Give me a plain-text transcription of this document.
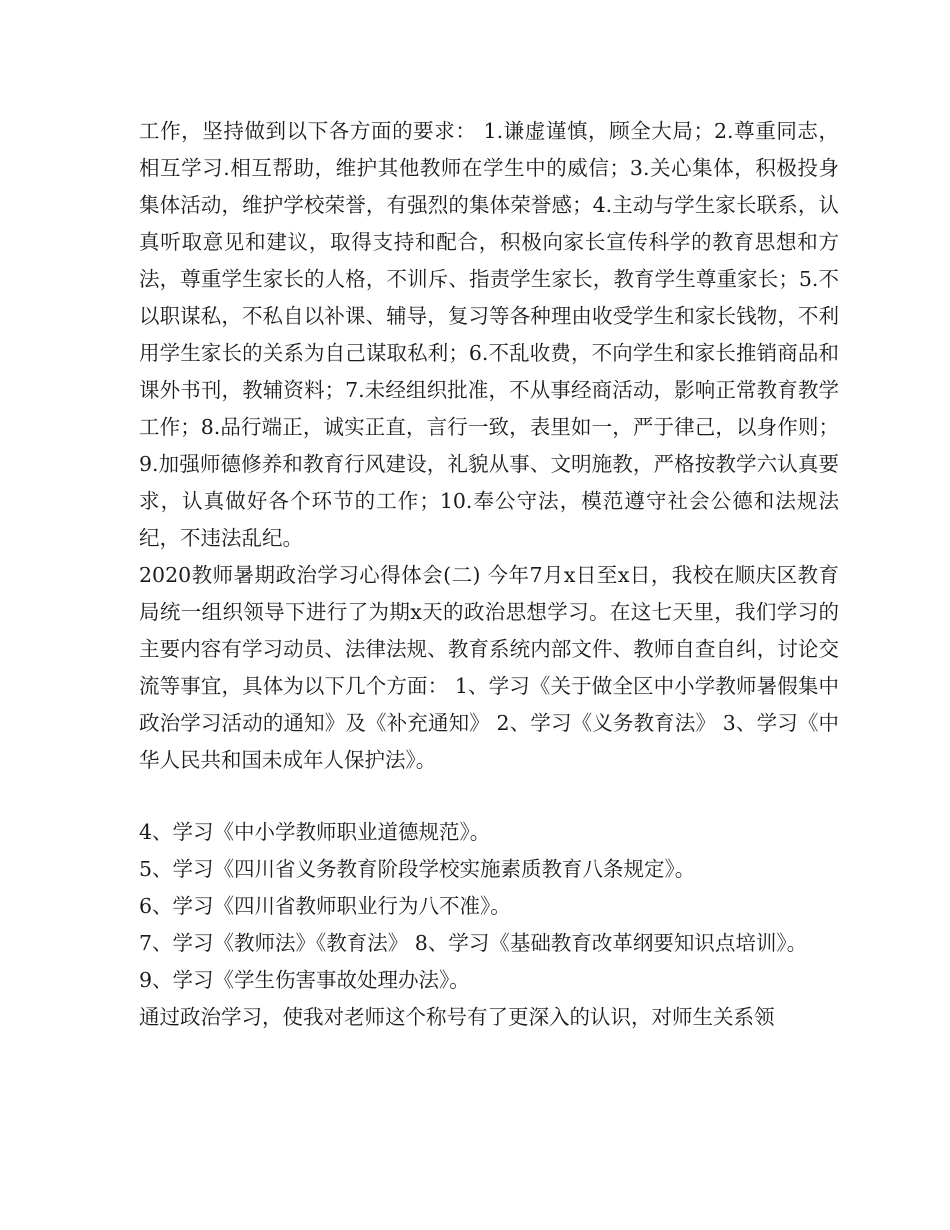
工作，坚持做到以下各方面的要求： 1.谦虚谨慎，顾全大局；2.尊重同志，相互学习.相互帮助，维护其他教师在学生中的威信；3.关心集体，积极投身集体活动，维护学校荣誉，有强烈的集体荣誉感；4.主动与学生家长联系，认真听取意见和建议，取得支持和配合，积极向家长宣传科学的教育思想和方法，尊重学生家长的人格，不训斥、指责学生家长，教育学生尊重家长；5.不以职谋私，不私自以补课、辅导，复习等各种理由收受学生和家长钱物，不利用学生家长的关系为自己谋取私利；6.不乱收费，不向学生和家长推销商品和课外书刊，教辅资料；7.未经组织批准，不从事经商活动，影响正常教育教学工作；8.品行端正，诚实正直，言行一致，表里如一，严于律己，以身作则；9.加强师德修养和教育行风建设，礼貌从事、文明施教，严格按教学六认真要求，认真做好各个环节的工作；10.奉公守法，模范遵守社会公德和法规法纪，不违法乱纪。

2020教师暑期政治学习心得体会(二) 今年7月x日至x日，我校在顺庆区教育局统一组织领导下进行了为期x天的政治思想学习。在这七天里，我们学习的主要内容有学习动员、法律法规、教育系统内部文件、教师自查自纠，讨论交流等事宜，具体为以下几个方面： 1、学习《关于做全区中小学教师暑假集中政治学习活动的通知》及《补充通知》 2、学习《义务教育法》 3、学习《中华人民共和国未成年人保护法》。

4、学习《中小学教师职业道德规范》。

5、学习《四川省义务教育阶段学校实施素质教育八条规定》。

6、学习《四川省教师职业行为八不准》。

7、学习《教师法》《教育法》 8、学习《基础教育改革纲要知识点培训》。

9、学习《学生伤害事故处理办法》。

通过政治学习，使我对老师这个称号有了更深入的认识，对师生关系领
